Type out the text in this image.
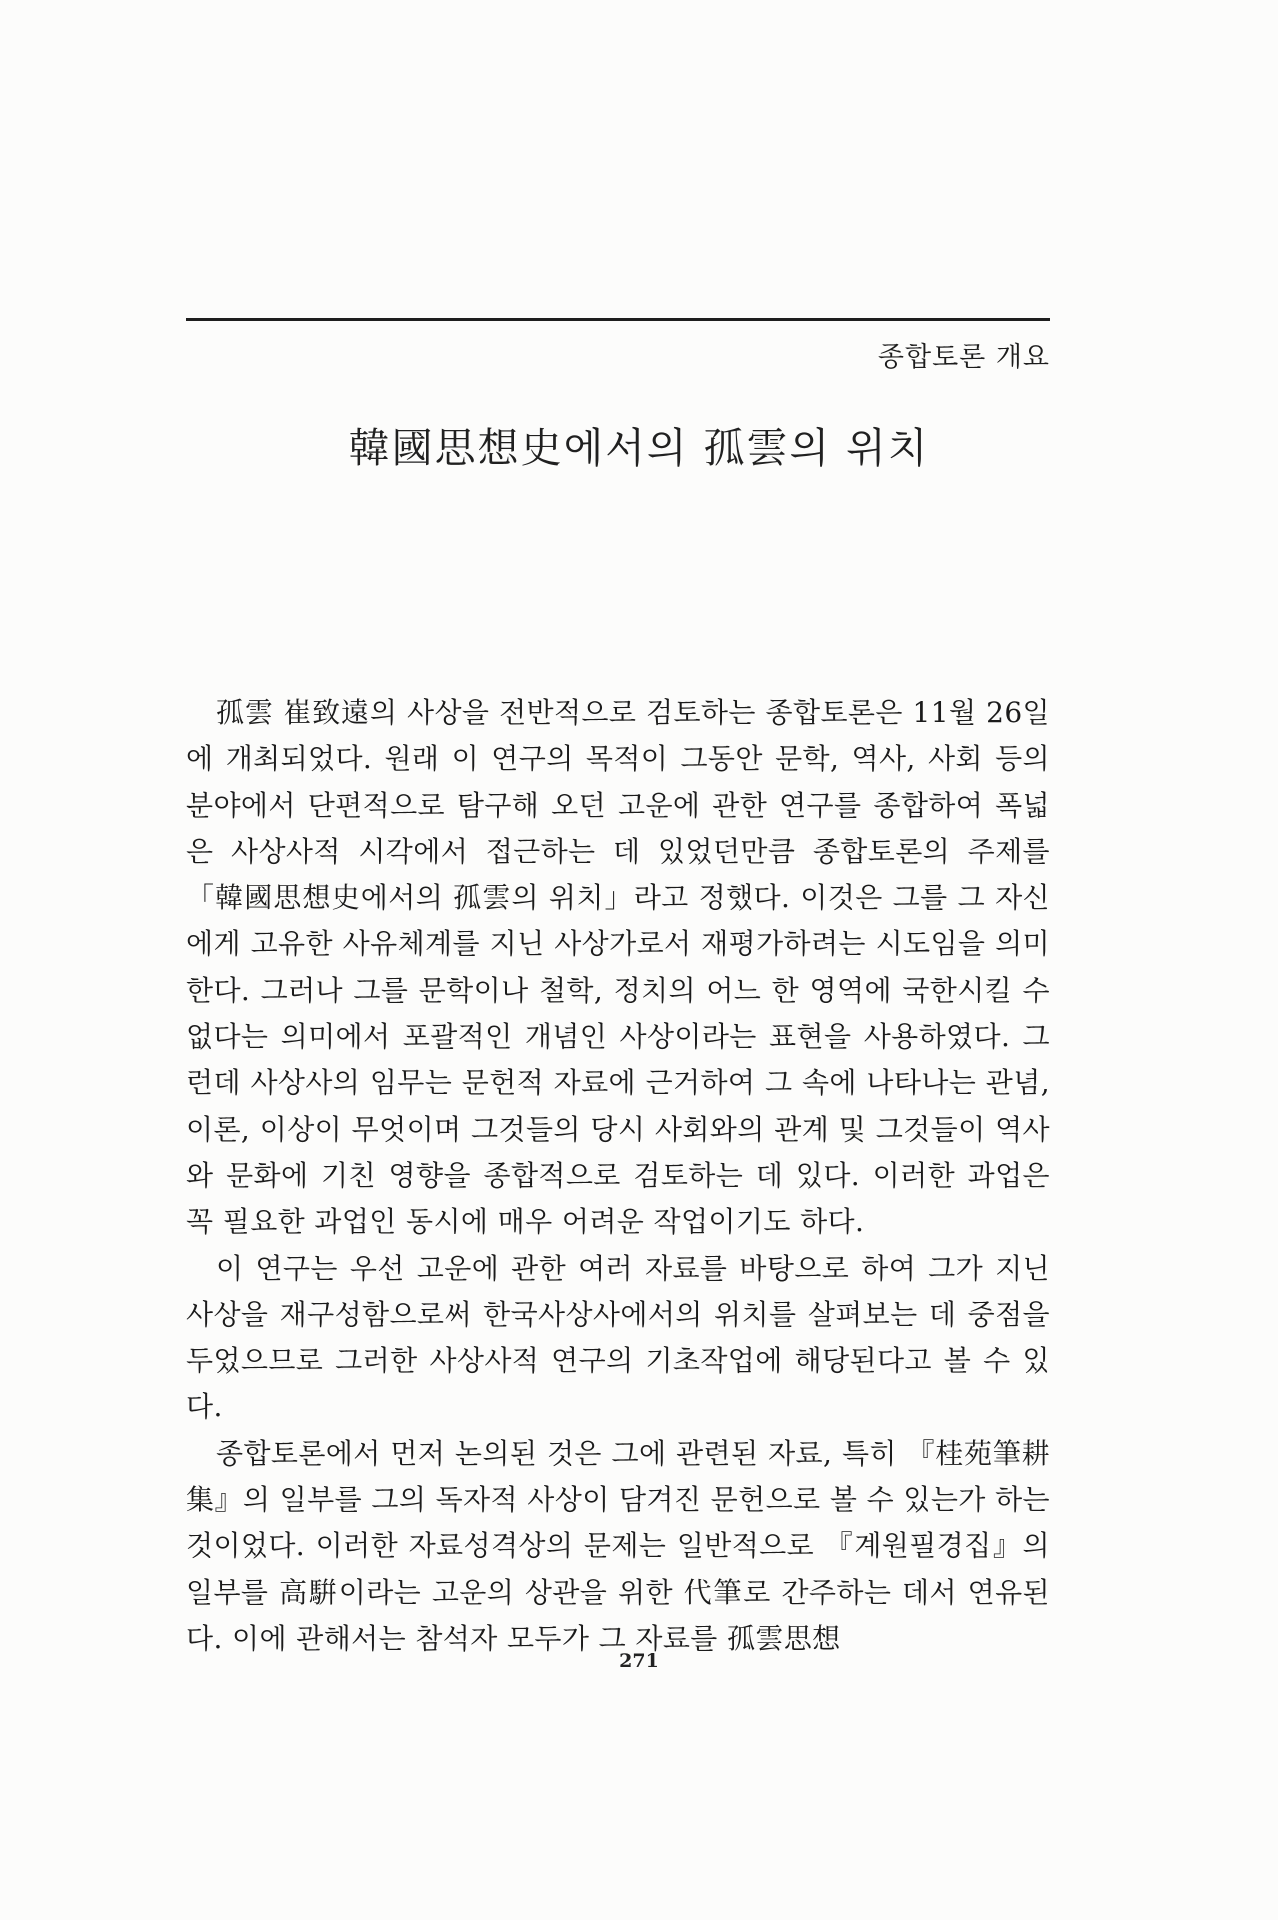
종합토론 개요
韓國思想史에서의 孤雲의 위치

孤雲 崔致遠의 사상을 전반적으로 검토하는 종합토론은 11월 26일에 개최되었다. 원래 이 연구의 목적이 그동안 문학, 역사, 사회 등의 분야에서 단편적으로 탐구해 오던 고운에 관한 연구를 종합하여 폭넓은 사상사적 시각에서 접근하는 데 있었던만큼 종합토론의 주제를 「韓國思想史에서의 孤雲의 위치」라고 정했다. 이것은 그를 그 자신에게 고유한 사유체계를 지닌 사상가로서 재평가하려는 시도임을 의미한다. 그러나 그를 문학이나 철학, 정치의 어느 한 영역에 국한시킬 수 없다는 의미에서 포괄적인 개념인 사상이라는 표현을 사용하였다. 그런데 사상사의 임무는 문헌적 자료에 근거하여 그 속에 나타나는 관념, 이론, 이상이 무엇이며 그것들의 당시 사회와의 관계 및 그것들이 역사와 문화에 기친 영향을 종합적으로 검토하는 데 있다. 이러한 과업은 꼭 필요한 과업인 동시에 매우 어려운 작업이기도 하다.

이 연구는 우선 고운에 관한 여러 자료를 바탕으로 하여 그가 지닌 사상을 재구성함으로써 한국사상사에서의 위치를 살펴보는 데 중점을 두었으므로 그러한 사상사적 연구의 기초작업에 해당된다고 볼 수 있다.

종합토론에서 먼저 논의된 것은 그에 관련된 자료, 특히 『桂苑筆耕集』의 일부를 그의 독자적 사상이 담겨진 문헌으로 볼 수 있는가 하는 것이었다. 이러한 자료성격상의 문제는 일반적으로 『계원필경집』의 일부를 高騈이라는 고운의 상관을 위한 代筆로 간주하는 데서 연유된다. 이에 관해서는 참석자 모두가 그 자료를 孤雲思想

271
